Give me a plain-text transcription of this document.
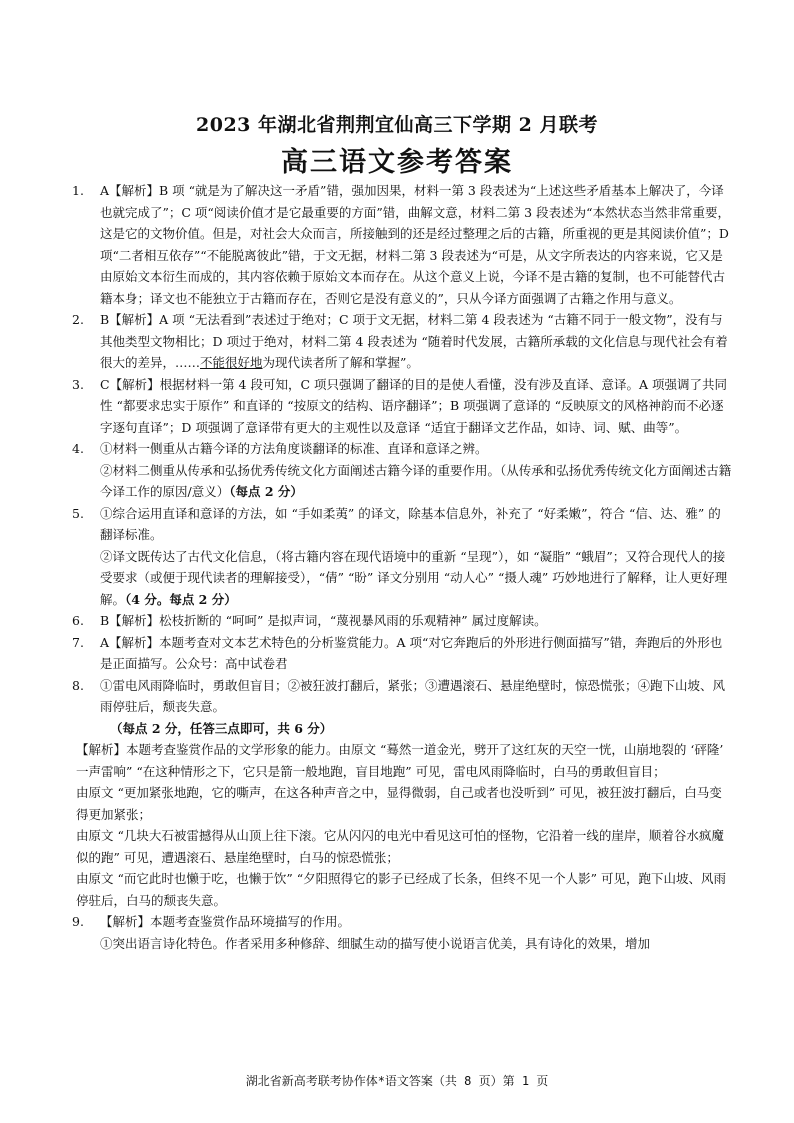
2023 年湖北省荆荆宜仙高三下学期 2 月联考
高三语文参考答案
1. A【解析】B 项 “就是为了解决这一矛盾”错，强加因果，材料一第 3 段表述为“上述这些矛盾基本上解决了，今译也就完成了”；C 项“阅读价值才是它最重要的方面”错，曲解文意，材料二第 3 段表述为“本然状态当然非常重要，这是它的文物价值。但是，对社会大众而言，所接触到的还是经过整理之后的古籍，所重视的更是其阅读价值”；D 项“二者相互依存”“不能脱离彼此”错，于文无据，材料二第 3 段表述为“可是，从文字所表达的内容来说，它又是由原始文本衍生而成的，其内容依赖于原始文本而存在。从这个意义上说，今译不是古籍的复制，也不可能替代古籍本身；译文也不能独立于古籍而存在，否则它是没有意义的”，只从今译方面强调了古籍之作用与意义。

2. B【解析】A 项 “无法看到”表述过于绝对；C 项于文无据，材料二第 4 段表述为 “古籍不同于一般文物”，没有与其他类型文物相比；D 项过于绝对，材料二第 4 段表述为 “随着时代发展，古籍所承载的文化信息与现代社会有着很大的差异，……不能很好地为现代读者所了解和掌握”。

3. C【解析】根据材料一第 4 段可知，C 项只强调了翻译的目的是使人看懂，没有涉及直译、意译。A 项强调了共同性 “都要求忠实于原作” 和直译的 “按原文的结构、语序翻译”；B 项强调了意译的 “反映原文的风格神韵而不必逐字逐句直译”；D 项强调了意译带有更大的主观性以及意译 “适宜于翻译文艺作品，如诗、词、赋、曲等”。

4. ①材料一侧重从古籍今译的方法角度谈翻译的标准、直译和意译之辨。

②材料二侧重从传承和弘扬优秀传统文化方面阐述古籍今译的重要作用。（从传承和弘扬优秀传统文化方面阐述古籍今译工作的原因/意义）（每点 2 分）

5. ①综合运用直译和意译的方法，如 “手如柔荑” 的译文，除基本信息外，补充了 “好柔嫩”，符合 “信、达、雅” 的翻译标准。

②译文既传达了古代文化信息，（将古籍内容在现代语境中的重新 “呈现”），如 “凝脂” “蛾眉”；又符合现代人的接受要求（或便于现代读者的理解接受），“倩” “盼” 译文分别用 “动人心” “摄人魂” 巧妙地进行了解释，让人更好理解。（4 分。每点 2 分）

6. B【解析】松枝折断的 “呵呵” 是拟声词，“蔑视暴风雨的乐观精神” 属过度解读。

7. A【解析】本题考查对文本艺术特色的分析鉴赏能力。A 项“对它奔跑后的外形进行侧面描写”错，奔跑后的外形也是正面描写。公众号：高中试卷君

8. ①雷电风雨降临时，勇敢但盲目；②被狂波打翻后，紧张；③遭遇滚石、悬崖绝壁时，惊恐慌张；④跑下山坡、风雨停驻后，颓丧失意。

（每点 2 分，任答三点即可，共 6 分）

【解析】本题考查鉴赏作品的文学形象的能力。由原文 “蓦然一道金光，劈开了这红灰的天空一恍，山崩地裂的 ‘砰隆’ 一声雷响” “在这种情形之下，它只是箭一般地跑，盲目地跑” 可见，雷电风雨降临时，白马的勇敢但盲目；

由原文 “更加紧张地跑，它的嘶声，在这各种声音之中，显得微弱，自己或者也没听到” 可见，被狂波打翻后，白马变得更加紧张；

由原文 “几块大石被雷撼得从山顶上往下滚。它从闪闪的电光中看见这可怕的怪物，它沿着一线的崖岸，顺着谷水疯魔似的跑” 可见，遭遇滚石、悬崖绝壁时，白马的惊恐慌张；

由原文 “而它此时也懒于吃，也懒于饮” “夕阳照得它的影子已经成了长条，但终不见一个人影” 可见，跑下山坡、风雨停驻后，白马的颓丧失意。

9. 【解析】本题考查鉴赏作品环境描写的作用。

①突出语言诗化特色。作者采用多种修辞、细腻生动的描写使小说语言优美，具有诗化的效果，增加

湖北省新高考联考协作体*语文答案（共 8 页）第 1 页
